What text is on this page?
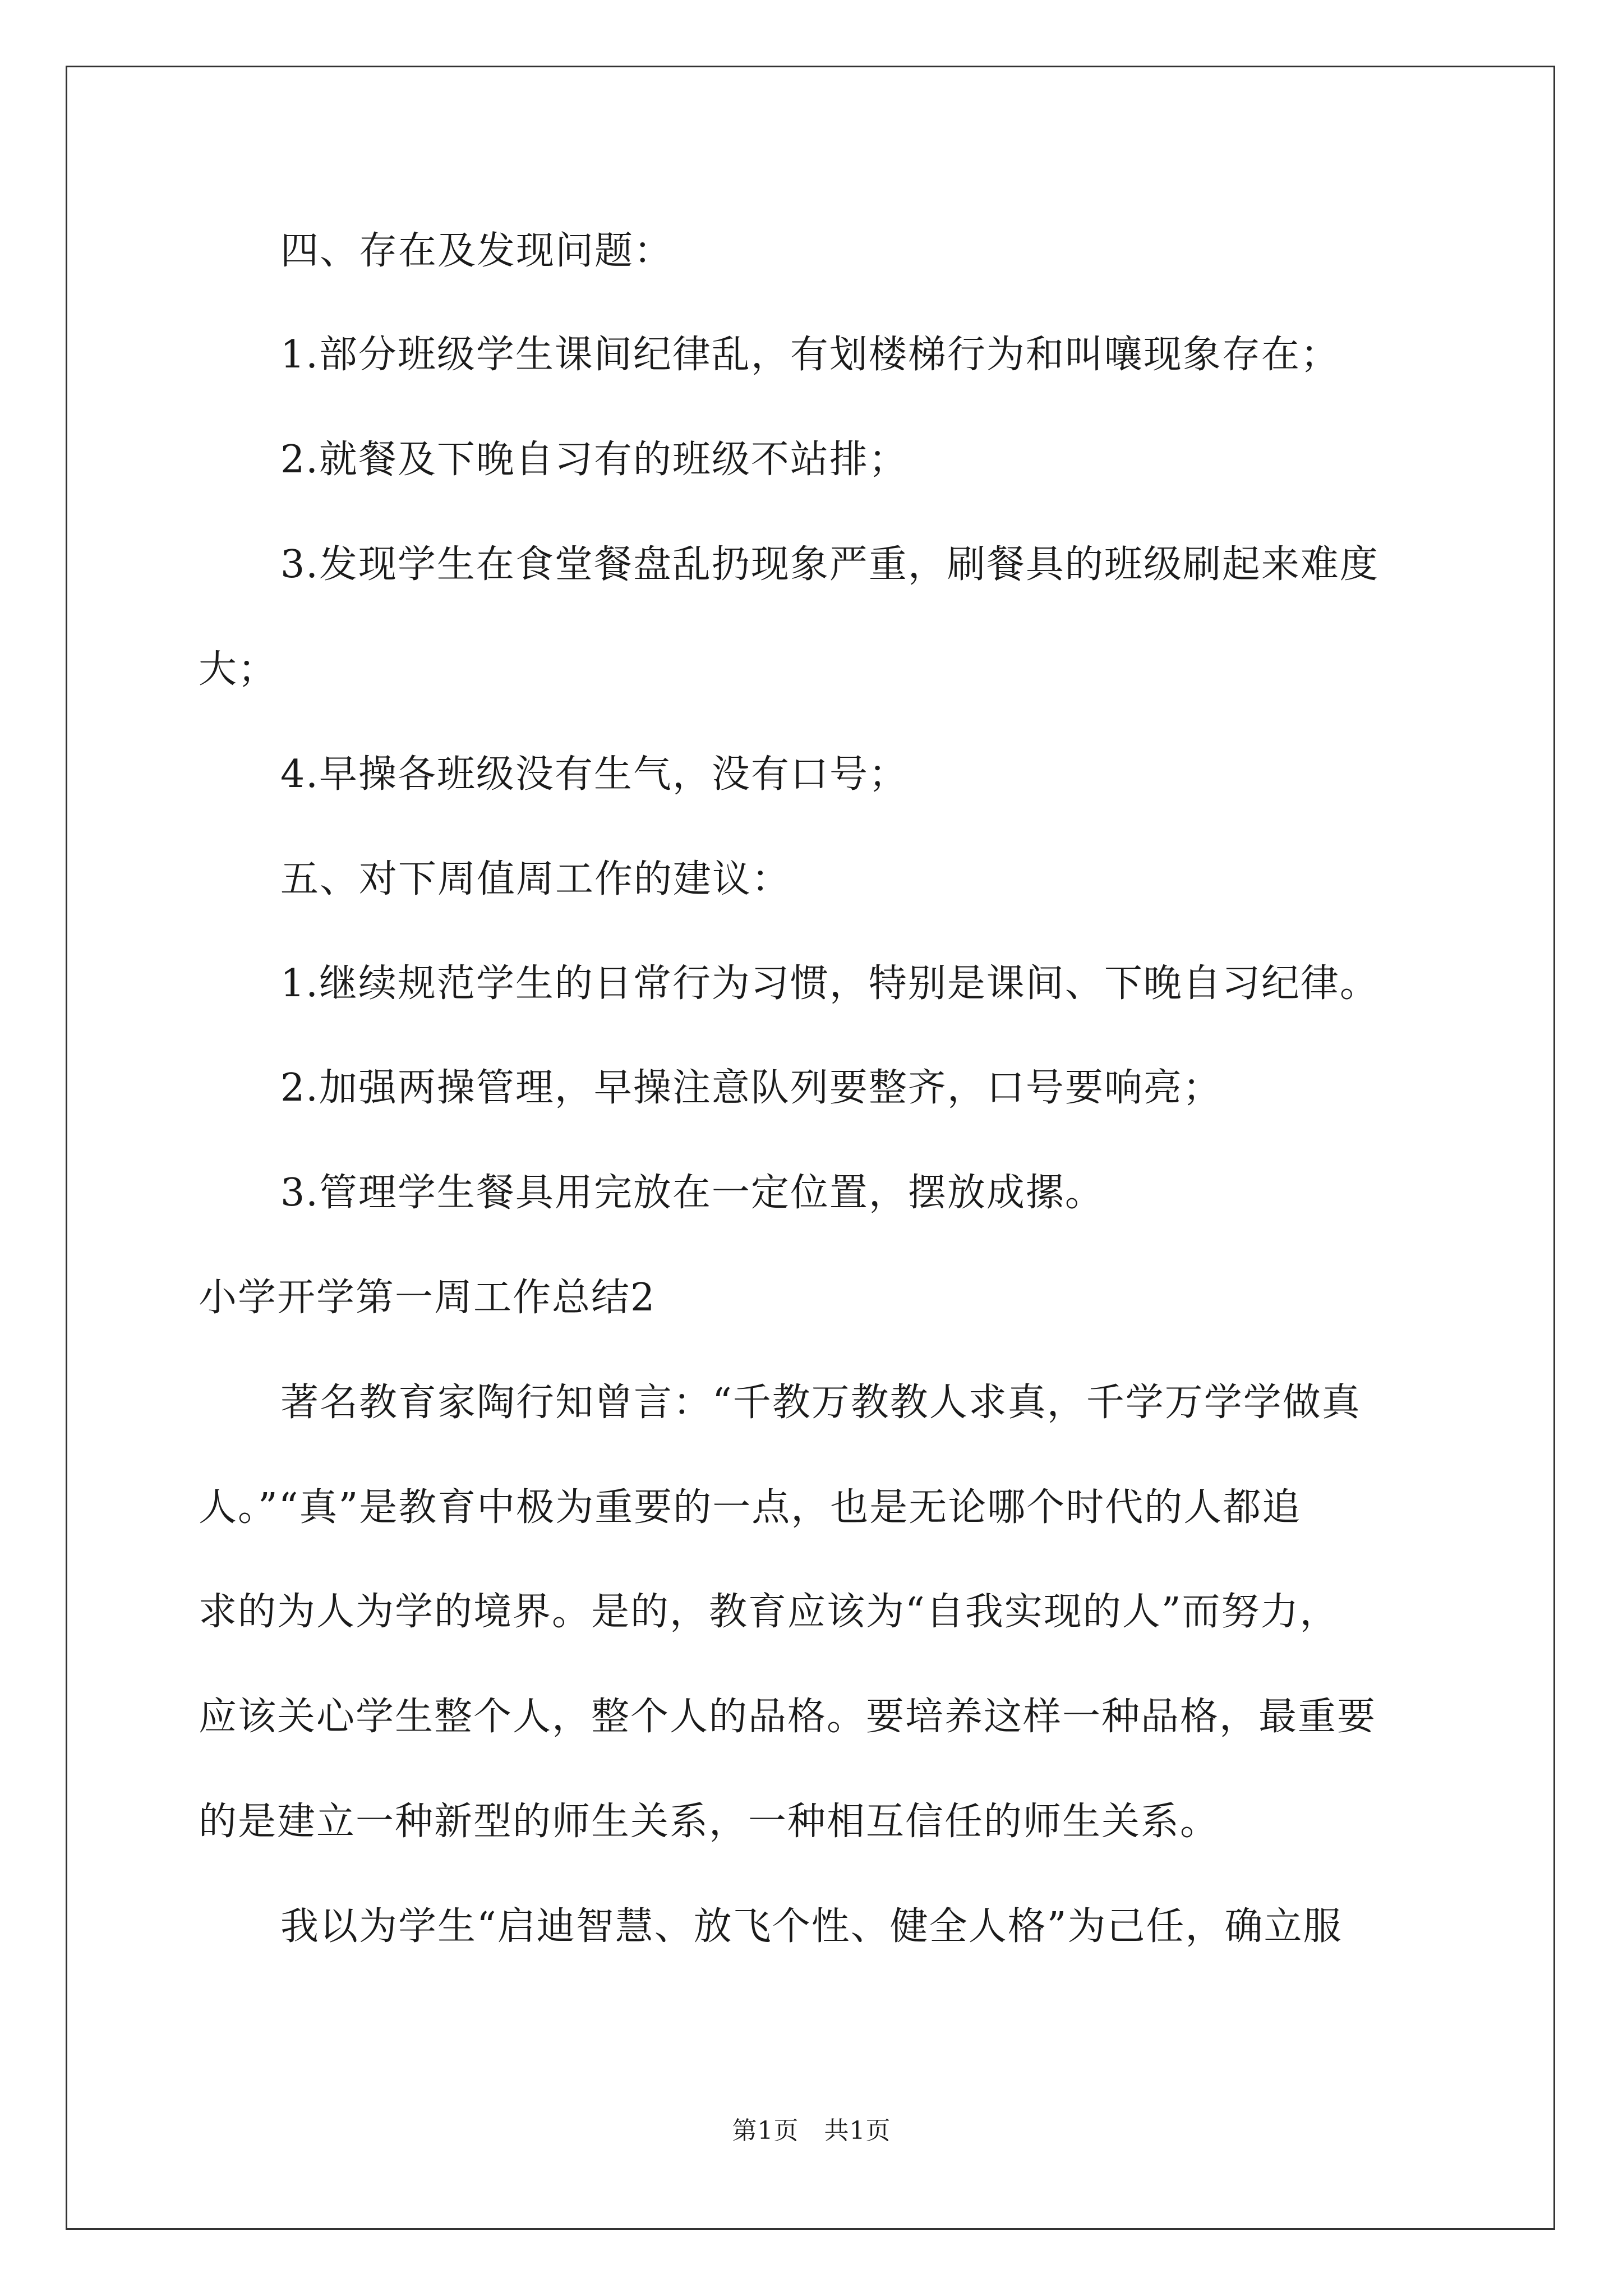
四、存在及发现问题：
1.部分班级学生课间纪律乱，有划楼梯行为和叫嚷现象存在；
2.就餐及下晚自习有的班级不站排；
3.发现学生在食堂餐盘乱扔现象严重，刷餐具的班级刷起来难度
大；
4.早操各班级没有生气，没有口号；
五、对下周值周工作的建议：
1.继续规范学生的日常行为习惯，特别是课间、下晚自习纪律。
2.加强两操管理，早操注意队列要整齐，口号要响亮；
3.管理学生餐具用完放在一定位置，摆放成摞。
小学开学第一周工作总结2
著名教育家陶行知曾言：“千教万教教人求真，千学万学学做真
人。”“真”是教育中极为重要的一点，也是无论哪个时代的人都追
求的为人为学的境界。是的，教育应该为“自我实现的人”而努力，
应该关心学生整个人，整个人的品格。要培养这样一种品格，最重要
的是建立一种新型的师生关系，一种相互信任的师生关系。
我以为学生“启迪智慧、放飞个性、健全人格”为己任，确立服
第1页　共1页
